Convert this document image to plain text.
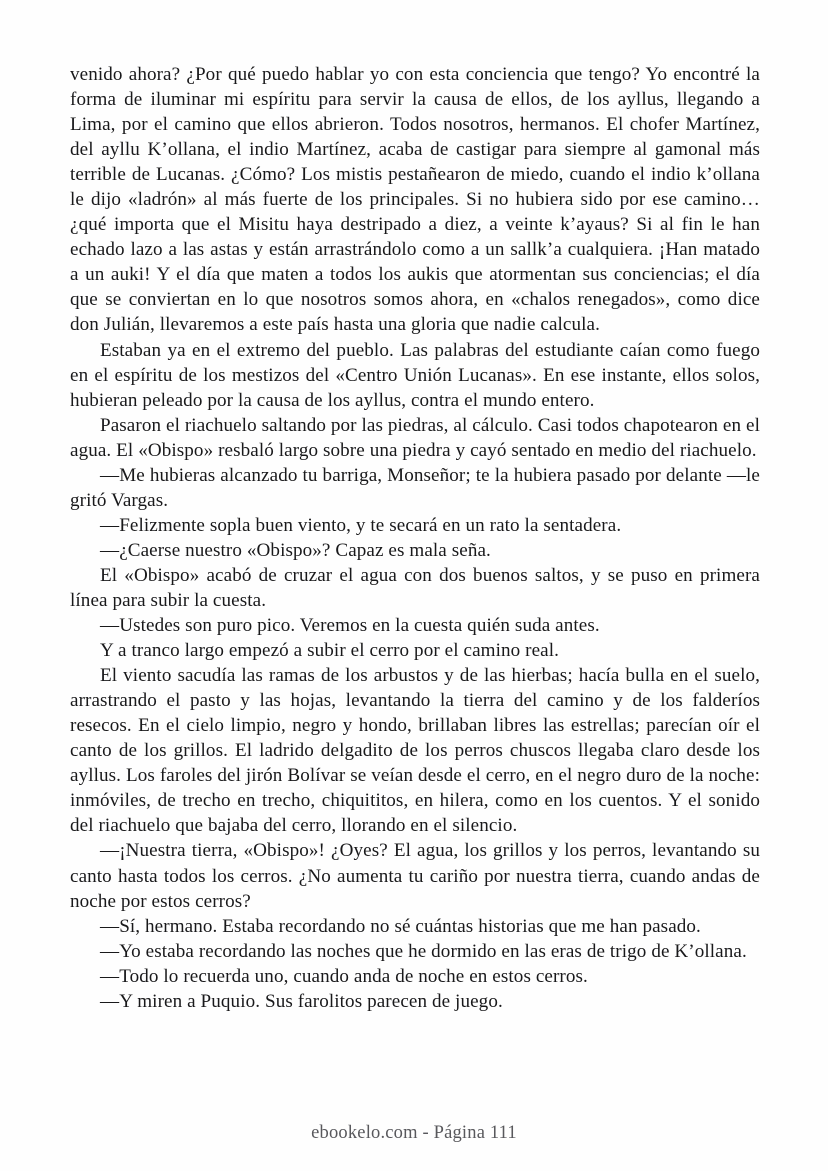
venido ahora? ¿Por qué puedo hablar yo con esta conciencia que tengo? Yo encontré la forma de iluminar mi espíritu para servir la causa de ellos, de los ayllus, llegando a Lima, por el camino que ellos abrieron. Todos nosotros, hermanos. El chofer Martínez, del ayllu K’ollana, el indio Martínez, acaba de castigar para siempre al gamonal más terrible de Lucanas. ¿Cómo? Los mistis pestañearon de miedo, cuando el indio k’ollana le dijo «ladrón» al más fuerte de los principales. Si no hubiera sido por ese camino… ¿qué importa que el Misitu haya destripado a diez, a veinte k’ayaus? Si al fin le han echado lazo a las astas y están arrastrándolo como a un sallk’a cualquiera. ¡Han matado a un auki! Y el día que maten a todos los aukis que atormentan sus conciencias; el día que se conviertan en lo que nosotros somos ahora, en «chalos renegados», como dice don Julián, llevaremos a este país hasta una gloria que nadie calcula.

Estaban ya en el extremo del pueblo. Las palabras del estudiante caían como fuego en el espíritu de los mestizos del «Centro Unión Lucanas». En ese instante, ellos solos, hubieran peleado por la causa de los ayllus, contra el mundo entero.

Pasaron el riachuelo saltando por las piedras, al cálculo. Casi todos chapotearon en el agua. El «Obispo» resbaló largo sobre una piedra y cayó sentado en medio del riachuelo.

—Me hubieras alcanzado tu barriga, Monseñor; te la hubiera pasado por delante —le gritó Vargas.

—Felizmente sopla buen viento, y te secará en un rato la sentadera.

—¿Caerse nuestro «Obispo»? Capaz es mala seña.

El «Obispo» acabó de cruzar el agua con dos buenos saltos, y se puso en primera línea para subir la cuesta.

—Ustedes son puro pico. Veremos en la cuesta quién suda antes.

Y a tranco largo empezó a subir el cerro por el camino real.

El viento sacudía las ramas de los arbustos y de las hierbas; hacía bulla en el suelo, arrastrando el pasto y las hojas, levantando la tierra del camino y de los falderíos resecos. En el cielo limpio, negro y hondo, brillaban libres las estrellas; parecían oír el canto de los grillos. El ladrido delgadito de los perros chuscos llegaba claro desde los ayllus. Los faroles del jirón Bolívar se veían desde el cerro, en el negro duro de la noche: inmóviles, de trecho en trecho, chiquititos, en hilera, como en los cuentos. Y el sonido del riachuelo que bajaba del cerro, llorando en el silencio.

—¡Nuestra tierra, «Obispo»! ¿Oyes? El agua, los grillos y los perros, levantando su canto hasta todos los cerros. ¿No aumenta tu cariño por nuestra tierra, cuando andas de noche por estos cerros?

—Sí, hermano. Estaba recordando no sé cuántas historias que me han pasado.

—Yo estaba recordando las noches que he dormido en las eras de trigo de K’ollana.

—Todo lo recuerda uno, cuando anda de noche en estos cerros.

—Y miren a Puquio. Sus farolitos parecen de juego.

ebookelo.com - Página 111
